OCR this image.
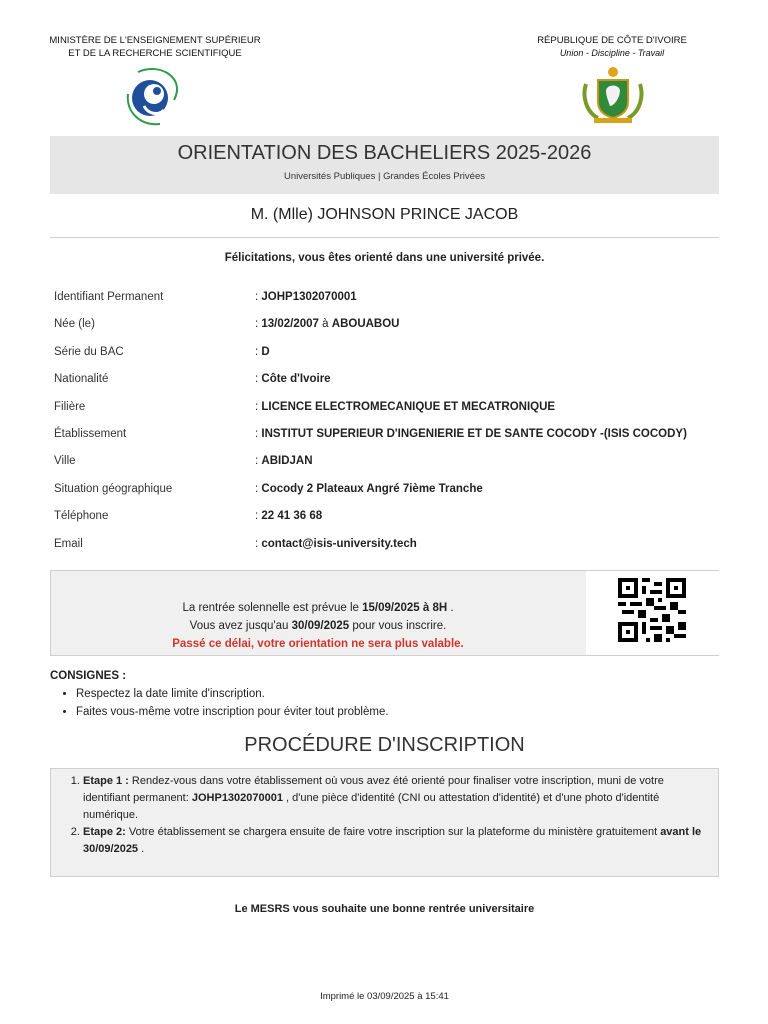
MINISTÈRE DE L'ENSEIGNEMENT SUPÉRIEUR
ET DE LA RECHERCHE SCIENTIFIQUE
RÉPUBLIQUE DE CÔTE D'IVOIRE
Union - Discipline - Travail
ORIENTATION DES BACHELIERS 2025-2026
Universités Publiques | Grandes Écoles Privées
M. (Mlle) JOHNSON PRINCE JACOB
Félicitations, vous êtes orienté dans une université privée.
Identifiant Permanent	: JOHP1302070001
Née (le)	: 13/02/2007 à ABOUABOU
Série du BAC	: D
Nationalité	: Côte d'Ivoire
Filière	: LICENCE ELECTROMECANIQUE ET MECATRONIQUE
Établissement	: INSTITUT SUPERIEUR D'INGENIERIE ET DE SANTE COCODY -(ISIS COCODY)
Ville	: ABIDJAN
Situation géographique	: Cocody 2 Plateaux Angré 7ième Tranche
Téléphone	: 22 41 36 68
Email	: contact@isis-university.tech
La rentrée solennelle est prévue le 15/09/2025 à 8H .
Vous avez jusqu'au 30/09/2025 pour vous inscrire.
Passé ce délai, votre orientation ne sera plus valable.
CONSIGNES :
• Respectez la date limite d'inscription.
• Faites vous-même votre inscription pour éviter tout problème.
PROCÉDURE D'INSCRIPTION
1. Etape 1 : Rendez-vous dans votre établissement où vous avez été orienté pour finaliser votre inscription, muni de votre identifiant permanent: JOHP1302070001 , d'une pièce d'identité (CNI ou attestation d'identité) et d'une photo d'identité numérique.
2. Etape 2: Votre établissement se chargera ensuite de faire votre inscription sur la plateforme du ministère gratuitement avant le 30/09/2025 .
Le MESRS vous souhaite une bonne rentrée universitaire
Imprimé le 03/09/2025 à 15:41
